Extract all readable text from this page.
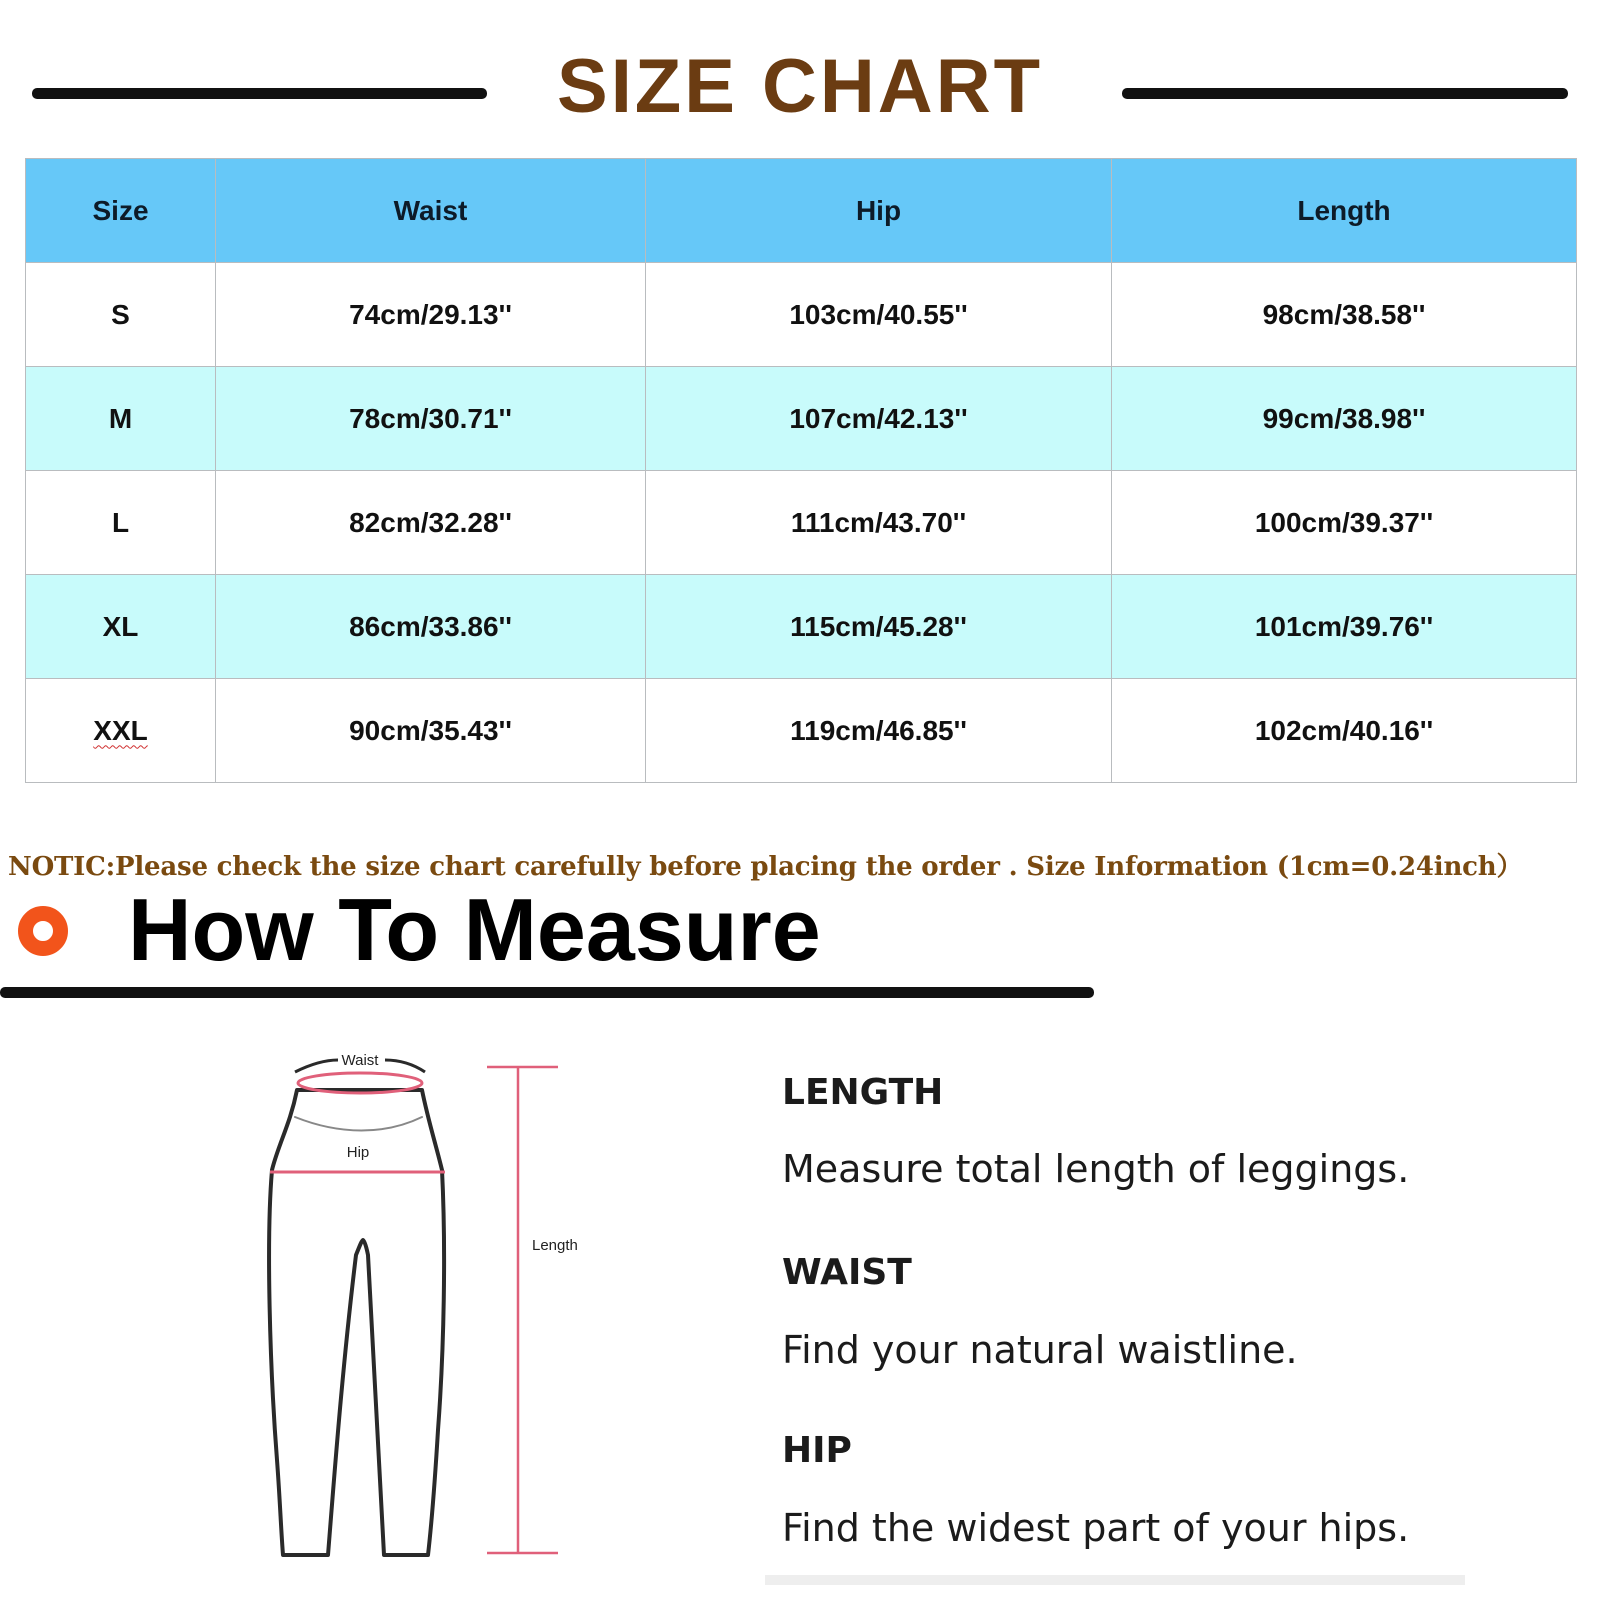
SIZE CHART
Size	Waist	Hip	Length
S	74cm/29.13''	103cm/40.55''	98cm/38.58''
M	78cm/30.71''	107cm/42.13''	99cm/38.98''
L	82cm/32.28''	111cm/43.70''	100cm/39.37''
XL	86cm/33.86''	115cm/45.28''	101cm/39.76''
XXL	90cm/35.43''	119cm/46.85''	102cm/40.16''
NOTIC:Please check the size chart carefully before placing the order . Size Information (1cm=0.24inch）
How To Measure
Waist
Hip
Length
LENGTH
Measure total length of leggings.
WAIST
Find your natural waistline.
HIP
Find the widest part of your hips.
